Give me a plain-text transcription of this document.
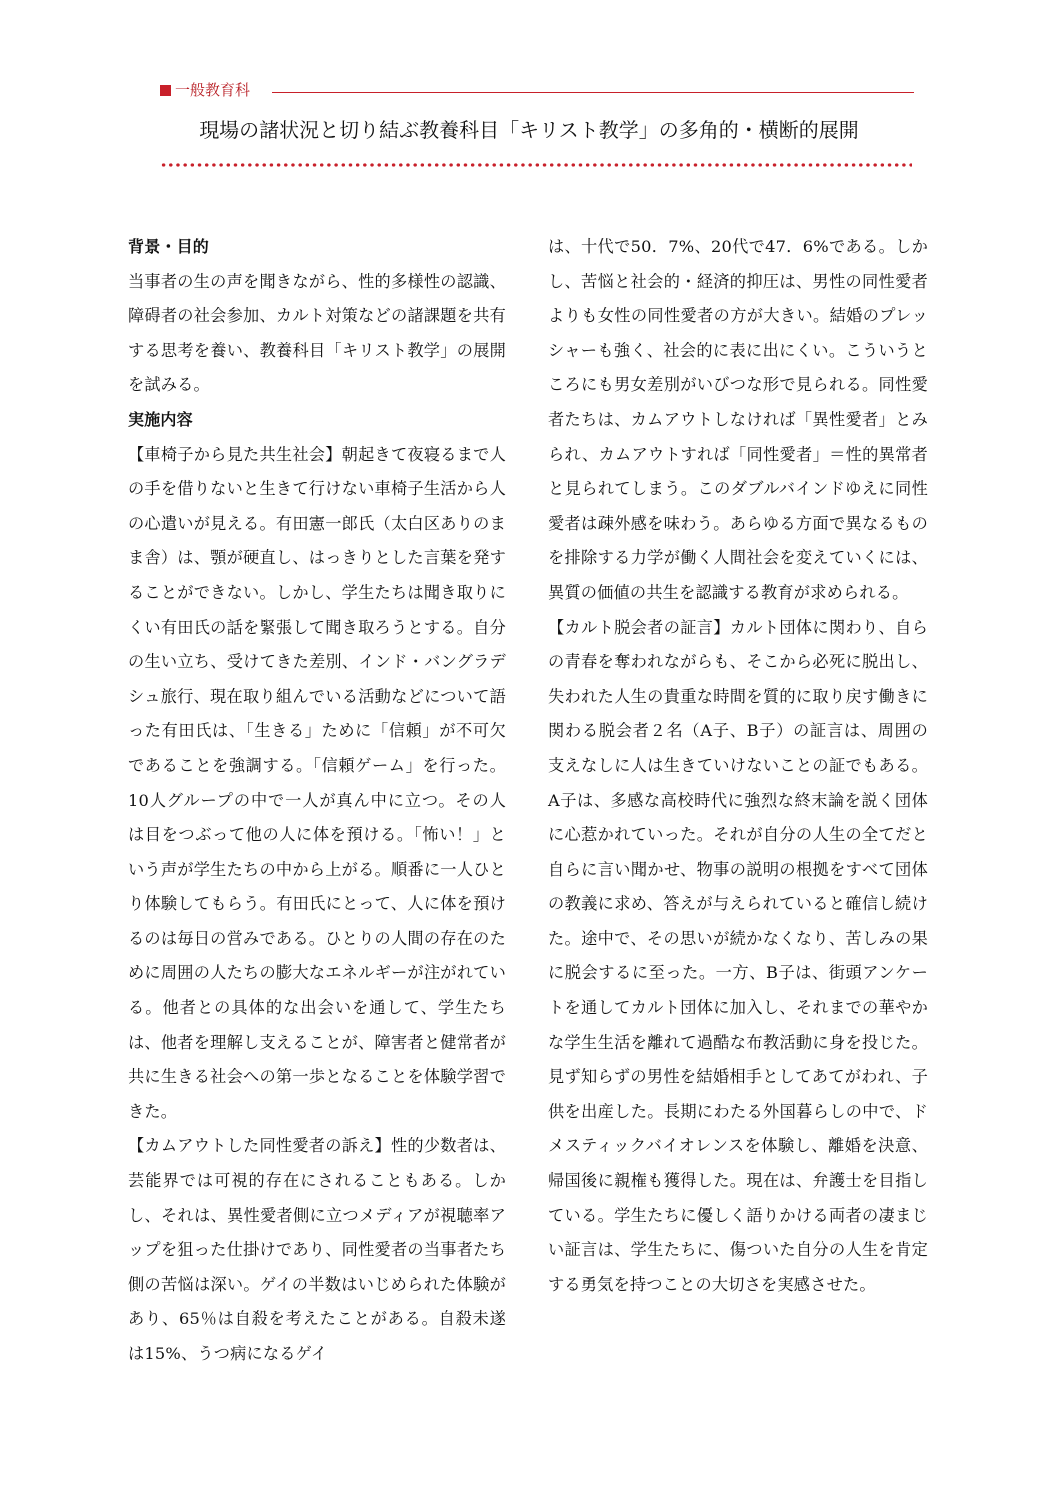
一般教育科
現場の諸状況と切り結ぶ教養科目「キリスト教学」の多角的・横断的展開

背景・目的

当事者の生の声を聞きながら、性的多様性の認識、障碍者の社会参加、カルト対策などの諸課題を共有する思考を養い、教養科目「キリスト教学」の展開を試みる。

実施内容

【車椅子から見た共生社会】朝起きて夜寝るまで人の手を借りないと生きて行けない車椅子生活から人の心遣いが見える。有田憲一郎氏（太白区ありのまま舎）は、顎が硬直し、はっきりとした言葉を発することができない。しかし、学生たちは聞き取りにくい有田氏の話を緊張して聞き取ろうとする。自分の生い立ち、受けてきた差別、インド・バングラデシュ旅行、現在取り組んでいる活動などについて語った有田氏は、「生きる」ために「信頼」が不可欠であることを強調する。「信頼ゲーム」を行った。10人グループの中で一人が真ん中に立つ。その人は目をつぶって他の人に体を預ける。「怖い！」という声が学生たちの中から上がる。順番に一人ひとり体験してもらう。有田氏にとって、人に体を預けるのは毎日の営みである。ひとりの人間の存在のために周囲の人たちの膨大なエネルギーが注がれている。他者との具体的な出会いを通して、学生たちは、他者を理解し支えることが、障害者と健常者が共に生きる社会への第一歩となることを体験学習できた。

【カムアウトした同性愛者の訴え】性的少数者は、芸能界では可視的存在にされることもある。しかし、それは、異性愛者側に立つメディアが視聴率アップを狙った仕掛けであり、同性愛者の当事者たち側の苦悩は深い。ゲイの半数はいじめられた体験があり、65％は自殺を考えたことがある。自殺未遂は15%、うつ病になるゲイ

は、十代で50．7%、20代で47．6%である。しかし、苦悩と社会的・経済的抑圧は、男性の同性愛者よりも女性の同性愛者の方が大きい。結婚のプレッシャーも強く、社会的に表に出にくい。こういうところにも男女差別がいびつな形で見られる。同性愛者たちは、カムアウトしなければ「異性愛者」とみられ、カムアウトすれば「同性愛者」＝性的異常者と見られてしまう。このダブルバインドゆえに同性愛者は疎外感を味わう。あらゆる方面で異なるものを排除する力学が働く人間社会を変えていくには、異質の価値の共生を認識する教育が求められる。

【カルト脱会者の証言】カルト団体に関わり、自らの青春を奪われながらも、そこから必死に脱出し、失われた人生の貴重な時間を質的に取り戻す働きに関わる脱会者２名（A子、B子）の証言は、周囲の支えなしに人は生きていけないことの証でもある。A子は、多感な高校時代に強烈な終末論を説く団体に心惹かれていった。それが自分の人生の全てだと自らに言い聞かせ、物事の説明の根拠をすべて団体の教義に求め、答えが与えられていると確信し続けた。途中で、その思いが続かなくなり、苦しみの果に脱会するに至った。一方、B子は、街頭アンケートを通してカルト団体に加入し、それまでの華やかな学生生活を離れて過酷な布教活動に身を投じた。見ず知らずの男性を結婚相手としてあてがわれ、子供を出産した。長期にわたる外国暮らしの中で、ドメスティックバイオレンスを体験し、離婚を決意、帰国後に親権も獲得した。現在は、弁護士を目指している。学生たちに優しく語りかける両者の凄まじい証言は、学生たちに、傷ついた自分の人生を肯定する勇気を持つことの大切さを実感させた。
